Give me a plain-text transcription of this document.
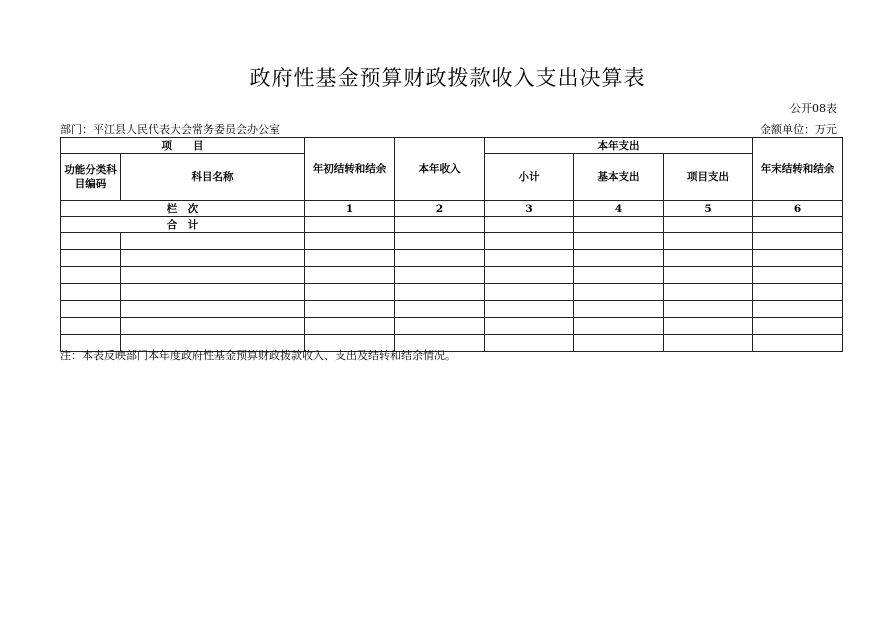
政府性基金预算财政拨款收入支出决算表
公开08表
部门：平江县人民代表大会常务委员会办公室	金额单位：万元
项　　目		年初结转和结余	本年收入	本年支出			年末结转和结余
功能分类科目编码	科目名称			小计	基本支出	项目支出	
栏　次		1	2	3	4	5	6
合　计							

注：本表反映部门本年度政府性基金预算财政拨款收入、支出及结转和结余情况。
